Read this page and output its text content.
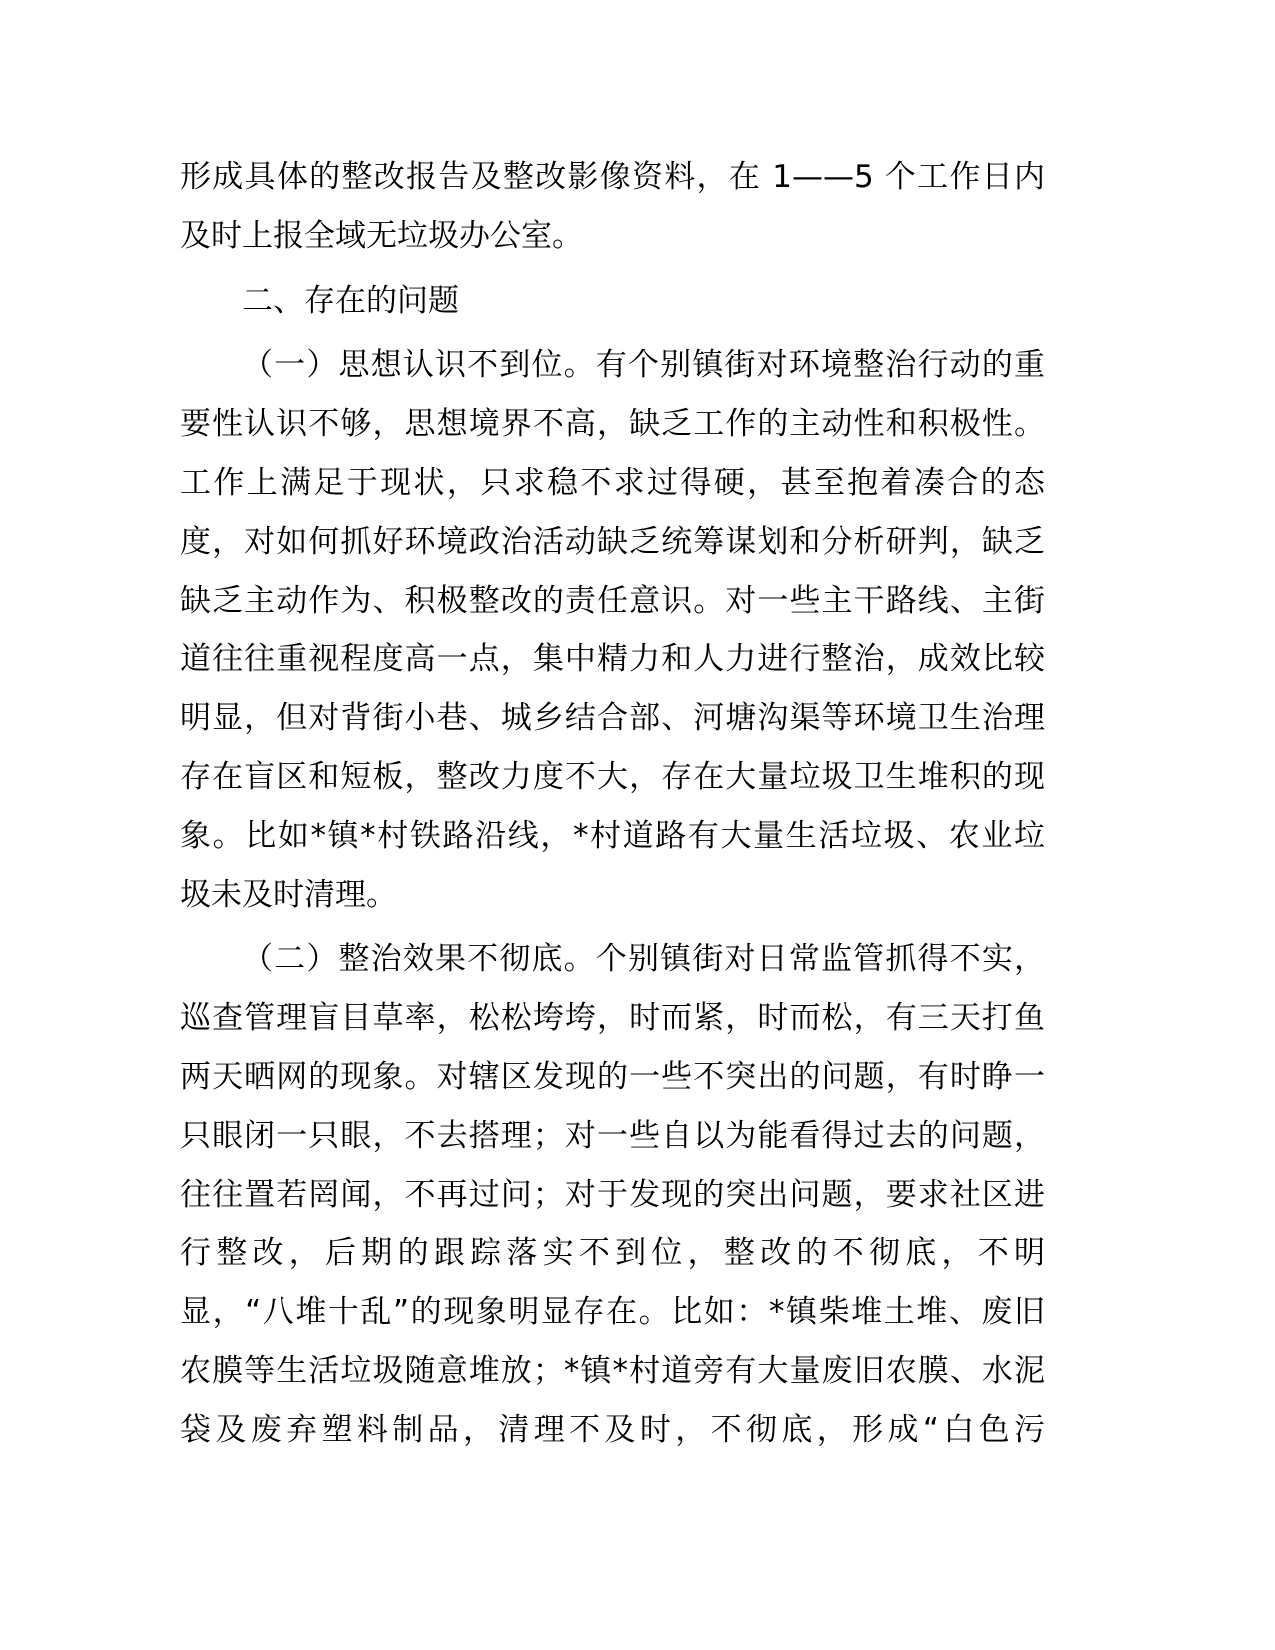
形成具体的整改报告及整改影像资料，在 1——5 个工作日内
及时上报全域无垃圾办公室。
二、存在的问题
（一）思想认识不到位。有个别镇街对环境整治行动的重
要性认识不够，思想境界不高，缺乏工作的主动性和积极性。
工作上满足于现状，只求稳不求过得硬，甚至抱着凑合的态
度，对如何抓好环境政治活动缺乏统筹谋划和分析研判，缺乏
缺乏主动作为、积极整改的责任意识。对一些主干路线、主街
道往往重视程度高一点，集中精力和人力进行整治，成效比较
明显，但对背街小巷、城乡结合部、河塘沟渠等环境卫生治理
存在盲区和短板，整改力度不大，存在大量垃圾卫生堆积的现
象。比如*镇*村铁路沿线，*村道路有大量生活垃圾、农业垃
圾未及时清理。
（二）整治效果不彻底。个别镇街对日常监管抓得不实，
巡查管理盲目草率，松松垮垮，时而紧，时而松，有三天打鱼
两天晒网的现象。对辖区发现的一些不突出的问题，有时睁一
只眼闭一只眼，不去搭理；对一些自以为能看得过去的问题，
往往置若罔闻，不再过问；对于发现的突出问题，要求社区进
行整改，后期的跟踪落实不到位，整改的不彻底，不明
显，“八堆十乱”的现象明显存在。比如：*镇柴堆土堆、废旧
农膜等生活垃圾随意堆放；*镇*村道旁有大量废旧农膜、水泥
袋及废弃塑料制品，清理不及时，不彻底，形成“白色污
